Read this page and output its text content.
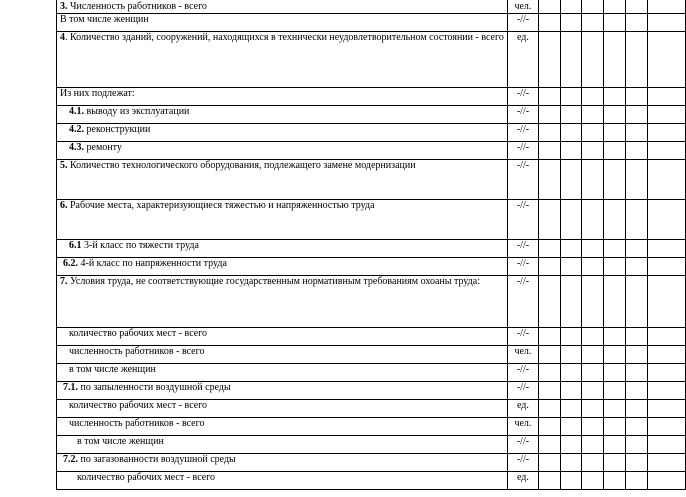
3. Численность работников - всего	чел.						
В том числе женщин	-//-						
4. Количество зданий, сооружений, находящихся в технически неудовлетворительном состоянии - всего	ед.						
Из них подлежат:	-//-						
4.1. выводу из эксплуатации	-//-						
4.2. реконструкции	-//-						
4.3. ремонту	-//-						
5. Количество технологического оборудования, подлежащего замене модернизации	-//-						
6. Рабочие места, характеризующиеся тяжестью и напряженностью труда	-//-						
6.1 3-й класс по тяжести труда	-//-						
6.2. 4-й класс по напряженности труда	-//-						
7. Условия труда, не соответствующие государственным нормативным требованиям охоаны труда:	-//-						
количество рабочих мест - всего	-//-						
численность работников - всего	чел.						
в том числе женщин	-//-						
7.1. по запыленности воздушной среды	-//-						
количество рабочих мест - всего	ед.						
численность работников - всего	чел.						
в том числе женщин	-//-						
7.2. по загазованности воздушной среды	-//-						
количество рабочих мест - всего	ед.						
